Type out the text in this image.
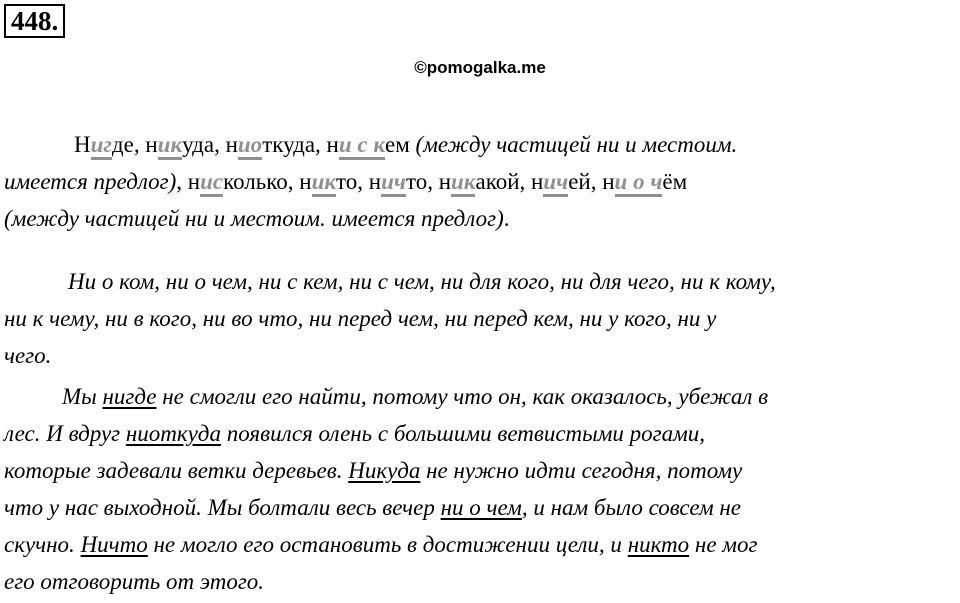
448.
©pomogalka.me
Нигде, никуда, ниоткуда, ни с кем (между частицей ни и местоим.
имеется предлог), нисколько, никто, ничто, никакой, ничей, ни о чём
(между частицей ни и местоим. имеется предлог).
Ни о ком, ни о чем, ни с кем, ни с чем, ни для кого, ни для чего, ни к кому,
ни к чему, ни в кого, ни во что, ни перед чем, ни перед кем, ни у кого, ни у
чего.
Мы нигде не смогли его найти, потому что он, как оказалось, убежал в
лес. И вдруг ниоткуда появился олень с большими ветвистыми рогами,
которые задевали ветки деревьев. Никуда не нужно идти сегодня, потому
что у нас выходной. Мы болтали весь вечер ни о чем, и нам было совсем не
скучно. Ничто не могло его остановить в достижении цели, и никто не мог
его отговорить от этого.
